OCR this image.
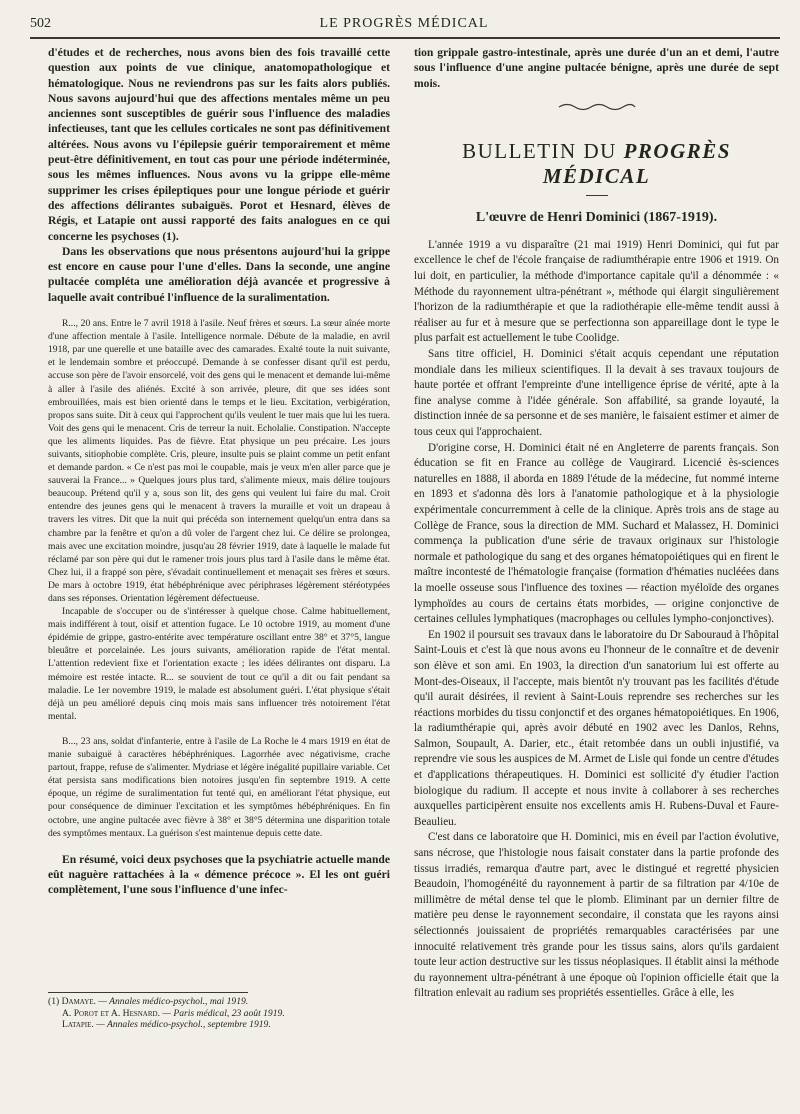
502	LE PROGRÈS MÉDICAL

d'études et de recherches, nous avons bien des fois travaillé cette question aux points de vue clinique, anatomopathologique et hématologique. Nous ne reviendrons pas sur les faits alors publiés. Nous savons aujourd'hui que des affections mentales même un peu anciennes sont susceptibles de guérir sous l'influence des maladies infectieuses, tant que les cellules corticales ne sont pas définitivement altérées. Nous avons vu l'épilepsie guérir temporairement et même peut-être définitivement, en tout cas pour une période indéterminée, sous les mêmes influences. Nous avons vu la grippe elle-même supprimer les crises épileptiques pour une longue période et guérir des affections délirantes subaiguës. Porot et Hesnard, élèves de Régis, et Latapie ont aussi rapporté des faits analogues en ce qui concerne les psychoses (1).

Dans les observations que nous présentons aujourd'hui la grippe est encore en cause pour l'une d'elles. Dans la seconde, une angine pultacée compléta une amélioration déjà avancée et progressive à laquelle avait contribué l'influence de la suralimentation.

R..., 20 ans. Entre le 7 avril 1918 à l'asile. Neuf frères et sœurs. La sœur aînée morte d'une affection mentale à l'asile. Intelligence normale. Débute de la maladie, en avril 1918, par une querelle et une bataille avec des camarades. Exalté toute la nuit suivante, et le lendemain sombre et préoccupé. Demande à se confesser disant qu'il est perdu, accuse son père de l'avoir ensorcelé, voit des gens qui le menacent et demande lui-même à aller à l'asile des aliénés. Excité à son arrivée, pleure, dit que ses idées sont embrouillées, mais est bien orienté dans le temps et le lieu. Excitation, verbigération, propos sans suite. Dit à ceux qui l'approchent qu'ils veulent le tuer mais que lui les tuera. Voit des gens qui le menacent. Cris de terreur la nuit. Echolalie. Constipation. N'accepte que les aliments liquides. Pas de fièvre. Etat physique un peu précaire. Les jours suivants, sitiophobie complète. Cris, pleure, insulte puis se plaint comme un petit enfant et demande pardon. « Ce n'est pas moi le coupable, mais je veux m'en aller parce que je sauverai la France... » Quelques jours plus tard, s'alimente mieux, mais délire toujours beaucoup. Prétend qu'il y a, sous son lit, des gens qui veulent lui faire du mal. Croit entendre des jeunes gens qui le menacent à travers la muraille et voit un drapeau à travers les vitres. Dit que la nuit qui précéda son internement quelqu'un entra dans sa chambre par la fenêtre et qu'on a dû voler de l'argent chez lui. Ce délire se prolongea, mais avec une excitation moindre, jusqu'au 28 février 1919, date à laquelle le malade fut réclamé par son père qui dut le ramener trois jours plus tard à l'asile dans le même état. Chez lui, il a frappé son père, s'évadait continuellement et menaçait ses frères et sœurs. De mars à octobre 1919, état hébéphrénique avec périphrases légèrement stéréotypées dans ses réponses. Orientation légèrement défectueuse.

Incapable de s'occuper ou de s'intéresser à quelque chose. Calme habituellement, mais indifférent à tout, oisif et attention fugace. Le 10 octobre 1919, au moment d'une épidémie de grippe, gastro-entérite avec température oscillant entre 38° et 37°5, langue bleuâtre et porcelainée. Les jours suivants, amélioration rapide de l'état mental. L'attention redevient fixe et l'orientation exacte ; les idées délirantes ont disparu. La mémoire est restée intacte. R... se souvient de tout ce qu'il a dit ou fait pendant sa maladie. Le 1er novembre 1919, le malade est absolument guéri. L'état physique s'était déjà un peu amélioré depuis cinq mois mais sans influencer très notoirement l'état mental.

B..., 23 ans, soldat d'infanterie, entre à l'asile de La Roche le 4 mars 1919 en état de manie subaiguë à caractères hébéphréniques. Lagorrhée avec négativisme, crache partout, frappe, refuse de s'alimenter. Mydriase et légère inégalité pupillaire variable. Cet état persista sans modifications bien notoires jusqu'en fin septembre 1919. A cette époque, un régime de suralimentation fut tenté qui, en améliorant l'état physique, eut pour conséquence de diminuer l'excitation et les symptômes hébéphréniques. En fin octobre, une angine pultacée avec fièvre à 38° et 38°5 détermina une disparition totale des symptômes mentaux. La guérison s'est maintenue depuis cette date.

En résumé, voici deux psychoses que la psychiatrie actuelle mande eût naguère rattachées à la « démence précoce ». El les ont guéri complètement, l'une sous l'influence d'une infec-

(1) Damaye. — Annales médico-psychol., mai 1919.
A. Porot et A. Hesnard. — Paris médical, 23 août 1919.
Latapie. — Annales médico-psychol., septembre 1919.

tion grippale gastro-intestinale, après une durée d'un an et demi, l'autre sous l'influence d'une angine pultacée bénigne, après une durée de sept mois.

BULLETIN DU PROGRÈS MÉDICAL
L'œuvre de Henri Dominici (1867-1919).

L'année 1919 a vu disparaître (21 mai 1919) Henri Dominici, qui fut par excellence le chef de l'école française de radiumthérapie entre 1906 et 1919. On lui doit, en particulier, la méthode d'importance capitale qu'il a dénommée : « Méthode du rayonnement ultra-pénétrant », méthode qui élargit singulièrement l'horizon de la radiumthérapie et que la radiothérapie elle-même tendit aussi à réaliser au fur et à mesure que se perfectionna son appareillage dont le type le plus parfait est actuellement le tube Coolidge.

Sans titre officiel, H. Dominici s'était acquis cependant une réputation mondiale dans les milieux scientifiques. Il la devait à ses travaux toujours de haute portée et offrant l'empreinte d'une intelligence éprise de vérité, apte à la fine analyse comme à l'idée générale. Son affabilité, sa grande loyauté, la distinction innée de sa personne et de ses manière, le faisaient estimer et aimer de tous ceux qui l'approchaient.

D'origine corse, H. Dominici était né en Angleterre de parents français. Son éducation se fit en France au collège de Vaugirard. Licencié ès-sciences naturelles en 1888, il aborda en 1889 l'étude de la médecine, fut nommé interne en 1893 et s'adonna dès lors à l'anatomie pathologique et à la physiologie expérimentale concurremment à celle de la clinique. Après trois ans de stage au Collège de France, sous la direction de MM. Suchard et Malassez, H. Dominici commença la publication d'une série de travaux originaux sur l'histologie normale et pathologique du sang et des organes hématopoiétiques qui en firent le maître incontesté de l'hématologie française (formation d'hématies nucléées dans la moelle osseuse sous l'influence des toxines — réaction myéloïde des organes lymphoïdes au cours de certains états morbides, — origine conjonctive de certaines cellules lymphatiques (macrophages ou cellules lympho-conjonctives).

En 1902 il poursuit ses travaux dans le laboratoire du Dr Sabouraud à l'hôpital Saint-Louis et c'est là que nous avons eu l'honneur de le connaître et de devenir son élève et son ami. En 1903, la direction d'un sanatorium lui est offerte au Mont-des-Oiseaux, il l'accepte, mais bientôt n'y trouvant pas les facilités d'étude qu'il aurait désirées, il revient à Saint-Louis reprendre ses recherches sur les réactions morbides du tissu conjonctif et des organes hématopoiétiques. En 1906, la radiumthérapie qui, après avoir débuté en 1902 avec les Danlos, Rehns, Salmon, Soupault, A. Darier, etc., était retombée dans un oubli injustifié, va reprendre vie sous les auspices de M. Armet de Lisle qui fonde un centre d'études et d'applications thérapeutiques. H. Dominici est sollicité d'y étudier l'action biologique du radium. Il accepte et nous invite à collaborer à ses recherches auxquelles participèrent ensuite nos excellents amis H. Rubens-Duval et Faure-Beaulieu.

C'est dans ce laboratoire que H. Dominici, mis en éveil par l'action évolutive, sans nécrose, que l'histologie nous faisait constater dans la partie profonde des tissus irradiés, remarqua d'autre part, avec le distingué et regretté physicien Beaudoin, l'homogénéité du rayonnement à partir de sa filtration par 4/10e de millimètre de métal dense tel que le plomb. Eliminant par un dernier filtre de matière peu dense le rayonnement secondaire, il constata que les rayons ainsi sélectionnés jouissaient de propriétés remarquables caractérisées par une innocuité relativement très grande pour les tissus sains, alors qu'ils gardaient toute leur action destructive sur les tissus néoplasiques. Il établit ainsi la méthode du rayonnement ultra-pénétrant à une époque où l'opinion officielle était que la filtration enlevait au radium ses propriétés essentielles. Grâce à elle, les
